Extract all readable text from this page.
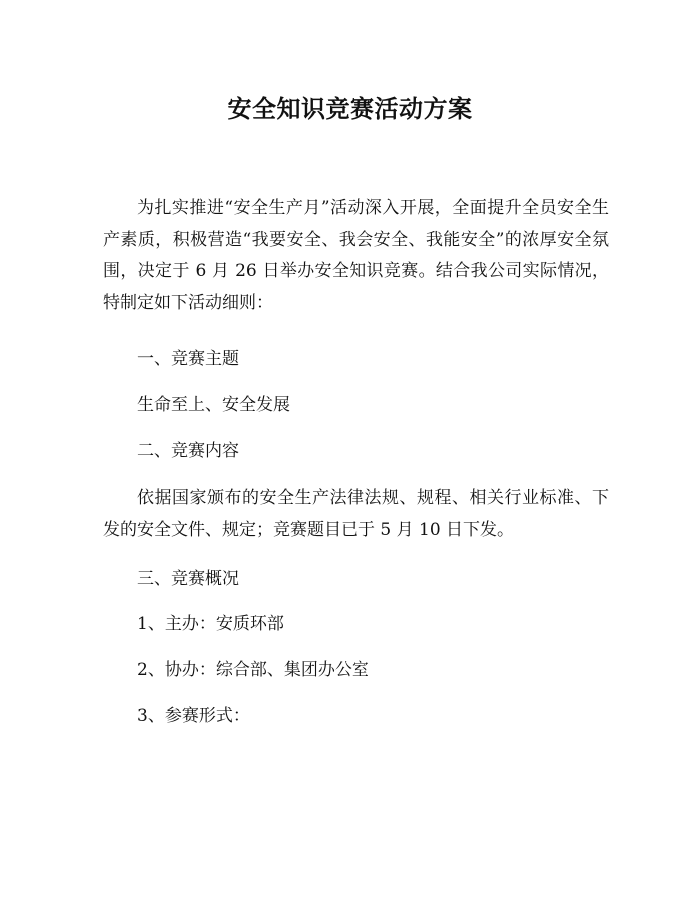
安全知识竞赛活动方案
为扎实推进“安全生产月”活动深入开展，全面提升全员安全生产素质，积极营造“我要安全、我会安全、我能安全”的浓厚安全氛围，决定于 6 月 26 日举办安全知识竞赛。结合我公司实际情况，特制定如下活动细则：
一、竞赛主题
生命至上、安全发展
二、竞赛内容
依据国家颁布的安全生产法律法规、规程、相关行业标准、下发的安全文件、规定；竞赛题目已于 5 月 10 日下发。
三、竞赛概况
1、主办：安质环部
2、协办：综合部、集团办公室
3、参赛形式：
